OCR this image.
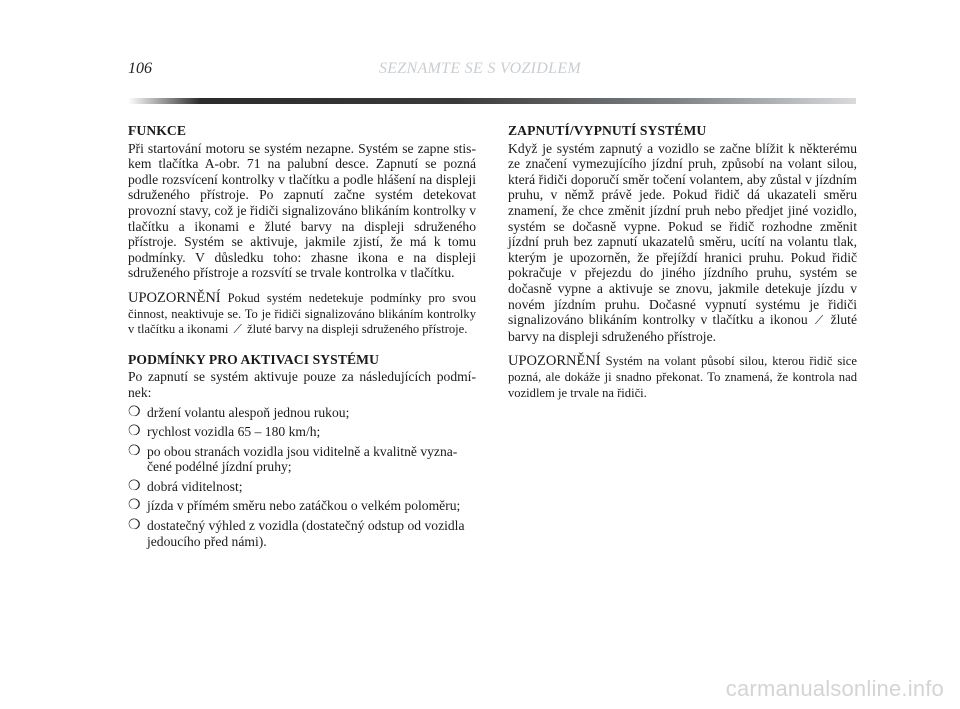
106	SEZNAMTE SE S VOZIDLEM
FUNKCE

Při startování motoru se systém nezapne. Systém se zapne stiskem tlačítka A-obr. 71 na palubní desce. Zapnutí se pozná podle rozsvícení kontrolky v tlačítku a podle hlášení na displeji sdruženého přístroje. Po zapnutí začne systém detekovat provozní stavy, což je řidiči signalizováno blikáním kontrolky v tlačítku a ikonami e žluté barvy na displeji sdruženého přístroje. Systém se aktivuje, jakmile zjistí, že má k tomu podmínky. V důsledku toho: zhasne ikona e na displeji sdruženého přístroje a rozsvítí se trvale kontrolka v tlačítku.

UPOZORNĚNÍ Pokud systém nedetekuje podmínky pro svou činnost, neaktivuje se. To je řidiči signalizováno blikáním kontrolky v tlačítku a ikonami ⟋ žluté barvy na displeji sdruženého přístroje.

PODMÍNKY PRO AKTIVACI SYSTÉMU

Po zapnutí se systém aktivuje pouze za následujících podmínek:

❍ držení volantu alespoň jednou rukou;
❍ rychlost vozidla 65 – 180 km/h;
❍ po obou stranách vozidla jsou viditelně a kvalitně vyznačené podélné jízdní pruhy;
❍ dobrá viditelnost;
❍ jízda v přímém směru nebo zatáčkou o velkém poloměru;
❍ dostatečný výhled z vozidla (dostatečný odstup od vozidla jedoucího před námi).
ZAPNUTÍ/VYPNUTÍ SYSTÉMU

Když je systém zapnutý a vozidlo se začne blížit k některému ze značení vymezujícího jízdní pruh, způsobí na volant silou, která řidiči doporučí směr točení volantem, aby zůstal v jízdním pruhu, v němž právě jede. Pokud řidič dá ukazateli směru znamení, že chce změnit jízdní pruh nebo předjet jiné vozidlo, systém se dočasně vypne. Pokud se řidič rozhodne změnit jízdní pruh bez zapnutí ukazatelů směru, ucítí na volantu tlak, kterým je upozorněn, že přejíždí hranici pruhu. Pokud řidič pokračuje v přejezdu do jiného jízdního pruhu, systém se dočasně vypne a aktivuje se znovu, jakmile detekuje jízdu v novém jízdním pruhu. Dočasné vypnutí systému je řidiči signalizováno blikáním kontrolky v tlačítku a ikonou ⟋ žluté barvy na displeji sdruženého přístroje.

UPOZORNĚNÍ Systém na volant působí silou, kterou řidič sice pozná, ale dokáže ji snadno překonat. To znamená, že kontrola nad vozidlem je trvale na řidiči.

carmanualsonline.info
